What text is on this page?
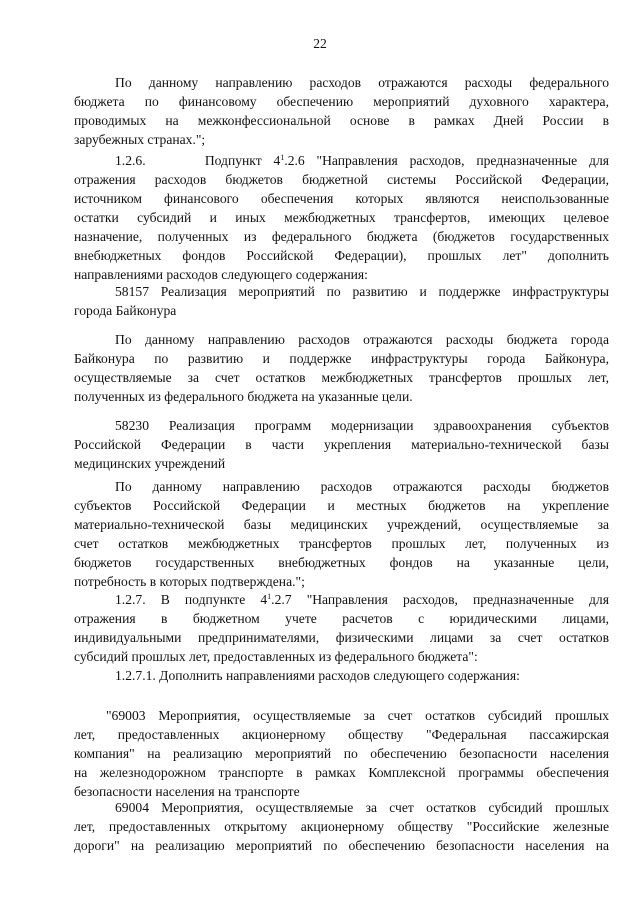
22
По данному направлению расходов отражаются расходы федерального
бюджета по финансовому обеспечению мероприятий духовного характера,
проводимых на межконфессиональной основе в рамках Дней России в
зарубежных странах.";
1.2.6.	Подпункт $4^1.2.6$ "Направления расходов, предназначенные для
отражения расходов бюджетов бюджетной системы Российской Федерации,
источником финансового обеспечения которых являются неиспользованные
остатки субсидий и иных межбюджетных трансфертов, имеющих целевое
назначение, полученных из федерального бюджета (бюджетов государственных
внебюджетных фондов Российской Федерации), прошлых лет" дополнить
направлениями расходов следующего содержания:
58157 Реализация мероприятий по развитию и поддержке инфраструктуры
города Байконура
По данному направлению расходов отражаются расходы бюджета города
Байконура по развитию и поддержке инфраструктуры города Байконура,
осуществляемые за счет остатков межбюджетных трансфертов прошлых лет,
полученных из федерального бюджета на указанные цели.
58230 Реализация программ модернизации здравоохранения субъектов
Российской Федерации в части укрепления материально-технической базы
медицинских учреждений
По данному направлению расходов отражаются расходы бюджетов
субъектов Российской Федерации и местных бюджетов на укрепление
материально-технической базы медицинских учреждений, осуществляемые за
счет остатков межбюджетных трансфертов прошлых лет, полученных из
бюджетов государственных внебюджетных фондов на указанные цели,
потребность в которых подтверждена.";
1.2.7. В подпункте $4^1.2.7$ "Направления расходов, предназначенные для
отражения в бюджетном учете расчетов с юридическими лицами,
индивидуальными предпринимателями, физическими лицами за счет остатков
субсидий прошлых лет, предоставленных из федерального бюджета":
1.2.7.1. Дополнить направлениями расходов следующего содержания:
"69003 Мероприятия, осуществляемые за счет остатков субсидий прошлых
лет, предоставленных акционерному обществу "Федеральная пассажирская
компания" на реализацию мероприятий по обеспечению безопасности населения
на железнодорожном транспорте в рамках Комплексной программы обеспечения
безопасности населения на транспорте
69004 Мероприятия, осуществляемые за счет остатков субсидий прошлых
лет, предоставленных открытому акционерному обществу "Российские железные
дороги" на реализацию мероприятий по обеспечению безопасности населения на
